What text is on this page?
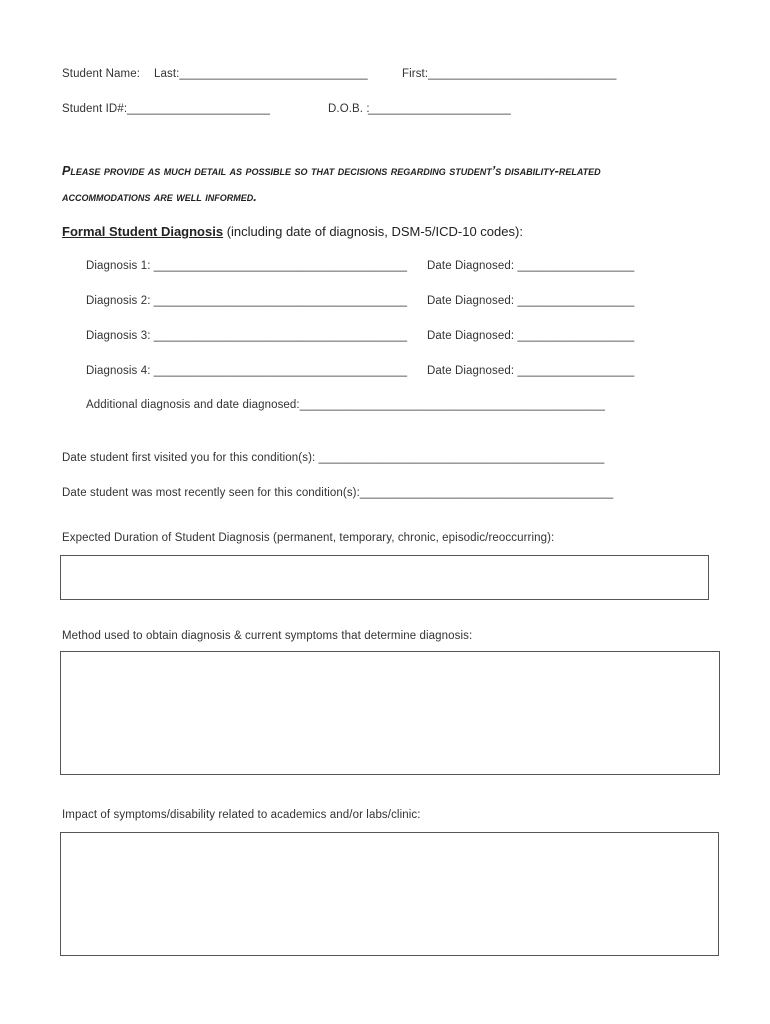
Student Name: Last:_____________________________	First:_____________________________
Student ID#:______________________	D.O.B. :
______________________
Please provide as much detail as possible so that decisions regarding student’s disability-related
accommodations are well informed.
Formal Student Diagnosis (including date of diagnosis, DSM-5/ICD-10 codes):
Diagnosis 1: _______________________________________ Date Diagnosed: __________________
Diagnosis 2: _______________________________________ Date Diagnosed: __________________
Diagnosis 3: _______________________________________ Date Diagnosed: __________________
Diagnosis 4: _______________________________________ Date Diagnosed: __________________
Additional diagnosis and date diagnosed:_______________________________________________
Date student first visited you for this condition(s): ____________________________________________
Date student was most recently seen for this condition(s):_______________________________________
Expected Duration of Student Diagnosis (permanent, temporary, chronic, episodic/reoccurring):
Method used to obtain diagnosis & current symptoms that determine diagnosis:
Impact of symptoms/disability related to academics and/or labs/clinic:
